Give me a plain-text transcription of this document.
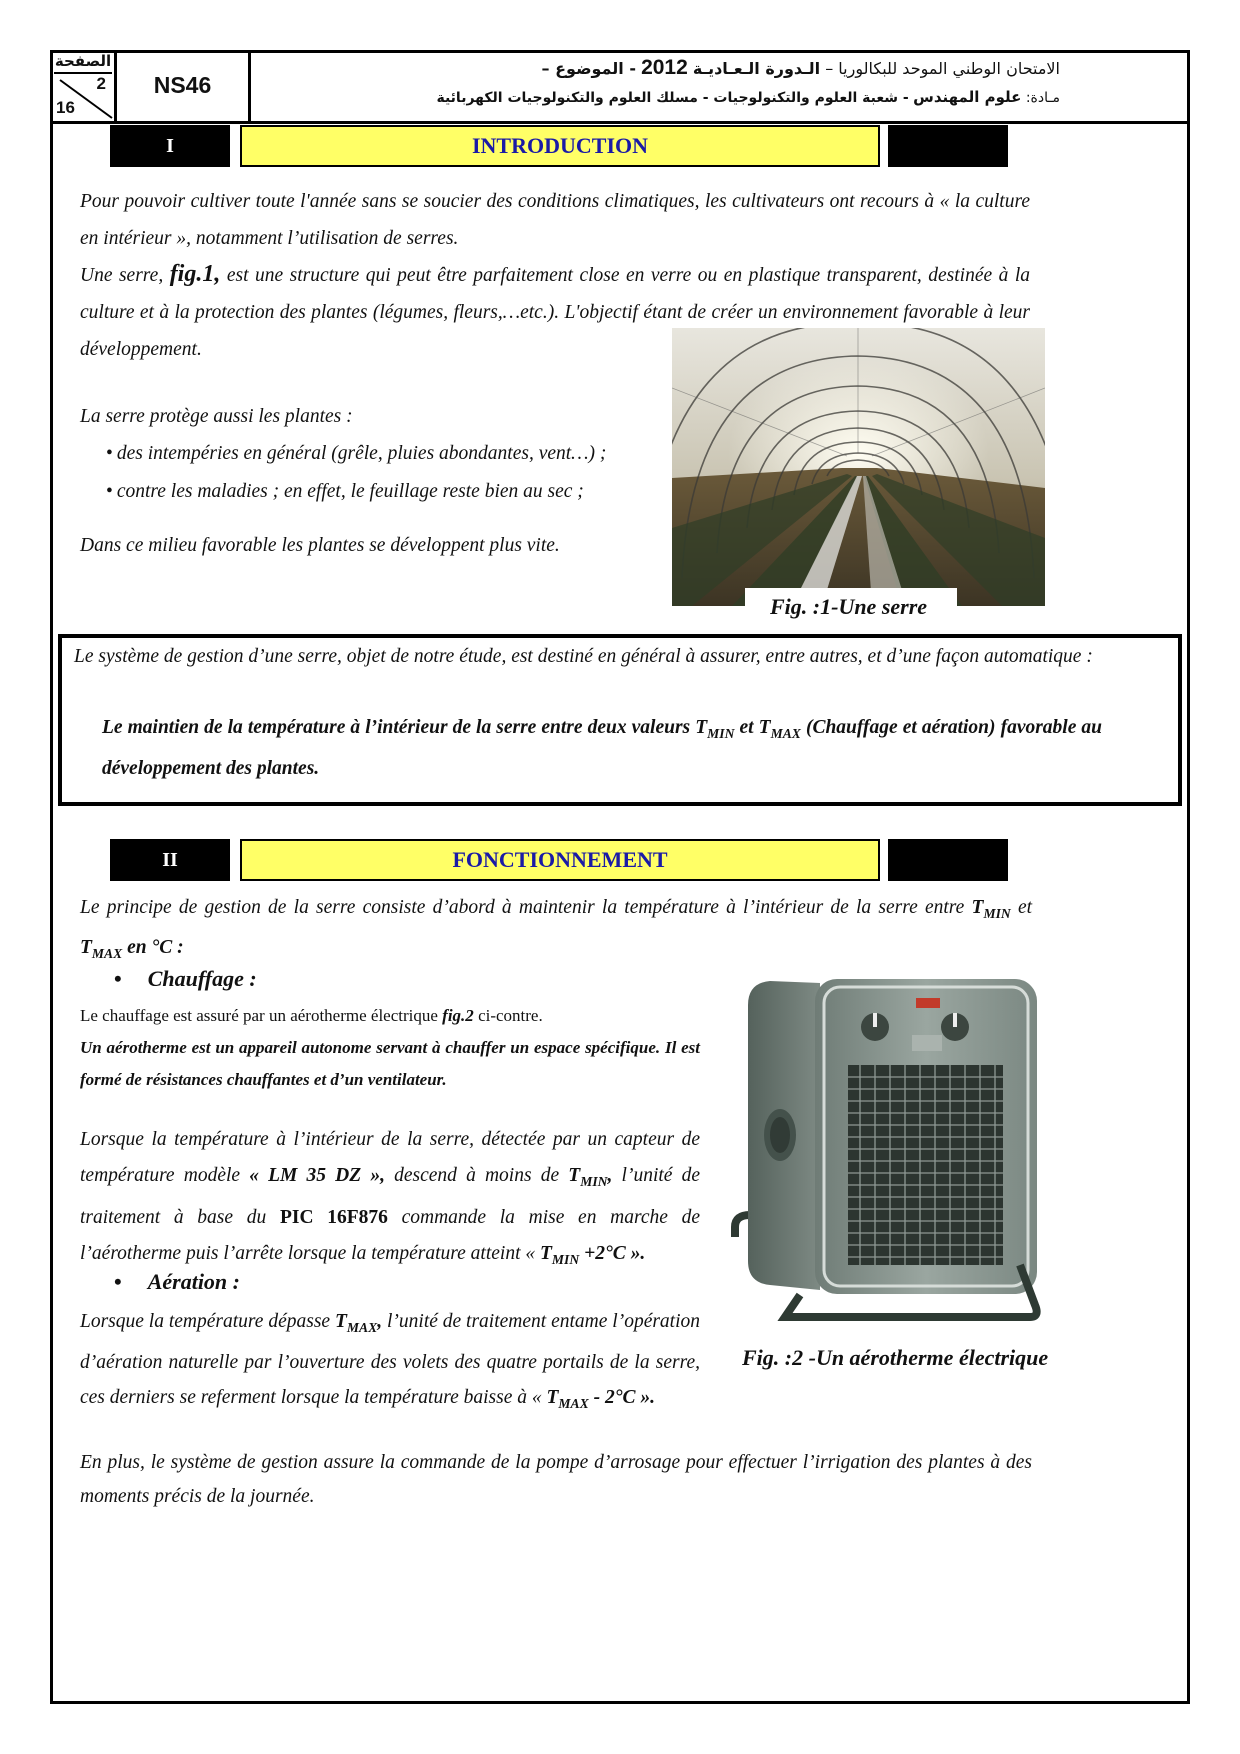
الصفحة
2
16
NS46
الامتحان الوطني الموحد للبكالوريا – الـدورة الـعـاديـة 2012 - الموضوع –
مـادة: علوم المهندس - شعبة العلوم والتكنولوجيات - مسلك العلوم والتكنولوجيات الكهربائية
I	INTRODUCTION
Pour pouvoir cultiver toute l'année sans se soucier des conditions climatiques, les cultivateurs ont recours à « la culture en intérieur », notamment l’utilisation de serres.
Une serre, fig.1, est une structure qui peut être parfaitement close en verre ou en plastique transparent, destinée à la culture et à la protection des plantes (légumes, fleurs,…etc.). L'objectif étant de créer un environnement favorable à leur développement.
La serre protège aussi les plantes :
• des intempéries en général (grêle, pluies abondantes, vent…) ;
• contre les maladies ; en effet, le feuillage reste bien au sec ;
Dans ce milieu favorable les plantes se développent plus vite.
Fig. :1-Une serre
Le système de gestion d’une serre, objet de notre étude, est destiné en général à assurer, entre autres, et d’une façon automatique :
Le maintien de la température à l’intérieur de la serre entre deux valeurs $T_{MIN}$ et $T_{MAX}$ (Chauffage et aération) favorable au développement des plantes.
II	FONCTIONNEMENT
Le principe de gestion de la serre consiste d’abord à maintenir la température à l’intérieur de la serre entre $T_{MIN}$ et $T_{MAX}$ en °C :
• Chauffage :
Le chauffage est assuré par un aérotherme électrique fig.2 ci-contre.
Un aérotherme est un appareil autonome servant à chauffer un espace spécifique. Il est formé de résistances chauffantes et d’un ventilateur.
Lorsque la température à l’intérieur de la serre, détectée par un capteur de température modèle « LM 35 DZ », descend à moins de $T_{MIN}$, l’unité de traitement à base du PIC 16F876 commande la mise en marche de l’aérotherme puis l’arrête lorsque la température atteint « $T_{MIN} +2^\circ C$ ».
• Aération :
Lorsque la température dépasse $T_{MAX}$, l’unité de traitement entame l’opération d’aération naturelle par l’ouverture des volets des quatre portails de la serre, ces derniers se referment lorsque la température baisse à « $T_{MAX} - 2^\circ C$ ».
En plus, le système de gestion assure la commande de la pompe d’arrosage pour effectuer l’irrigation des plantes à des moments précis de la journée.
Fig. :2 -Un aérotherme électrique
